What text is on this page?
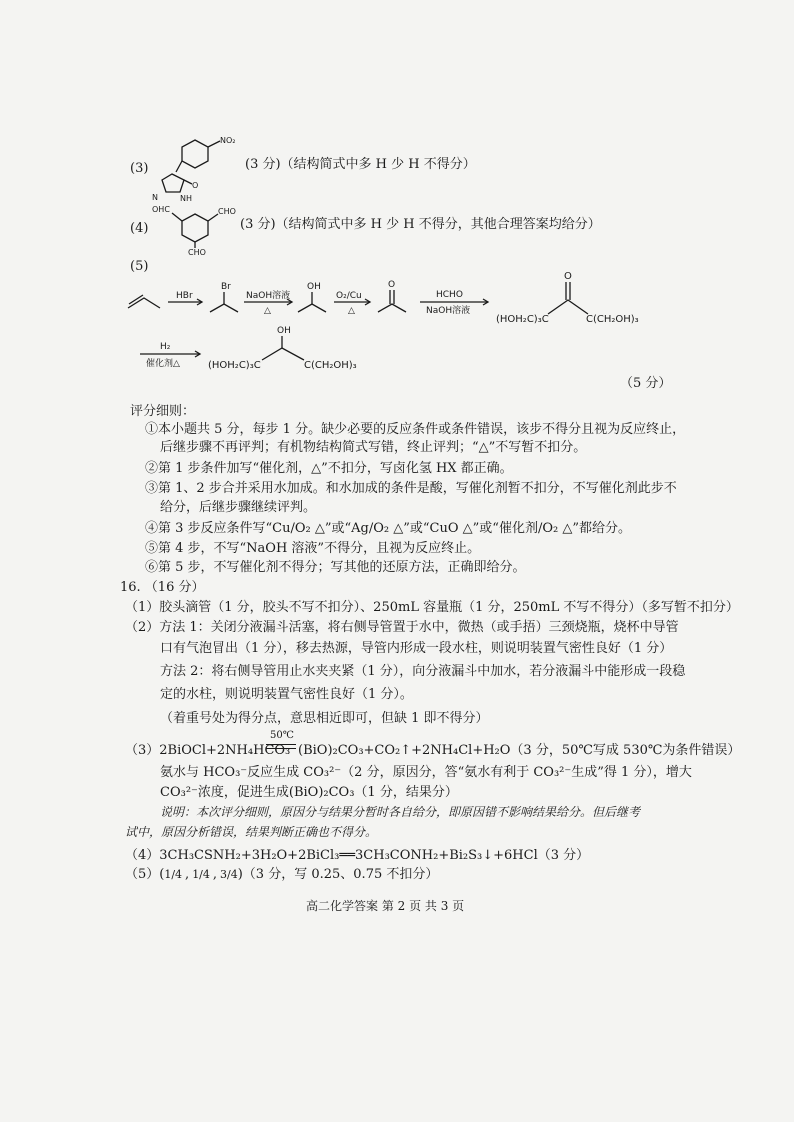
(3)
NO₂
O
NH
N
(3 分)（结构简式中多 H 少 H 不得分）
(4)
OHC	CHO
CHO
(3 分)（结构简式中多 H 少 H 不得分，其他合理答案均给分）
(5)
HBr
Br
NaOH溶液
△
OH
O₂/Cu
△
O
HCHO
NaOH溶液
(HOH₂C)₃C
O
C(CH₂OH)₃
H₂
催化剂△	(HOH₂C)₃C
OH
C(CH₂OH)₃
（5 分）
评分细则：
①本小题共 5 分，每步 1 分。缺少必要的反应条件或条件错误，该步不得分且视为反应终止，
后继步骤不再评判；有机物结构简式写错，终止评判；“△”不写暂不扣分。
②第 1 步条件加写“催化剂，△”不扣分，写卤化氢 HX 都正确。
③第 1、2 步合并采用水加成。和水加成的条件是酸，写催化剂暂不扣分，不写催化剂此步不
给分，后继步骤继续评判。
④第 3 步反应条件写“Cu/O₂ △”或“Ag/O₂ △”或“CuO △”或“催化剂/O₂ △”都给分。
⑤第 4 步，不写“NaOH 溶液”不得分，且视为反应终止。
⑥第 5 步，不写催化剂不得分；写其他的还原方法，正确即给分。
16. （16 分）
（1）胶头滴管（1 分，胶头不写不扣分）、250mL 容量瓶（1 分，250mL 不写不得分）（多写暂不扣分）
（2）方法 1：关闭分液漏斗活塞，将右侧导管置于水中，微热（或手捂）三颈烧瓶，烧杯中导管
口有气泡冒出（1 分），移去热源，导管内形成一段水柱，则说明装置气密性良好（1 分）
方法 2：将右侧导管用止水夹夹紧（1 分），向分液漏斗中加水，若分液漏斗中能形成一段稳
定的水柱，则说明装置气密性良好（1 分）。
（着重号处为得分点，意思相近即可，但缺 1 即不得分）
（3）2BiOCl+2NH₄HCO₃
50℃
(BiO)₂CO₃+CO₂↑+2NH₄Cl+H₂O（3 分，50℃写成 530℃为条件错误）
氨水与 HCO₃⁻反应生成 CO₃²⁻（2 分，原因分，答“氨水有利于 CO₃²⁻生成”得 1 分），增大
CO₃²⁻浓度，促进生成(BiO)₂CO₃（1 分，结果分）
说明：本次评分细则，原因分与结果分暂时各自给分，即原因错不影响结果给分。但后继考
试中，原因分析错误，结果判断正确也不得分。
（4）3CH₃CSNH₂+3H₂O+2BiCl₃══3CH₃CONH₂+Bi₂S₃↓+6HCl（3 分）
（5）( 1/4 , 1/4 , 3/4 )（3 分，写 0.25、0.75 不扣分）
高二化学答案 第 2 页 共 3 页
